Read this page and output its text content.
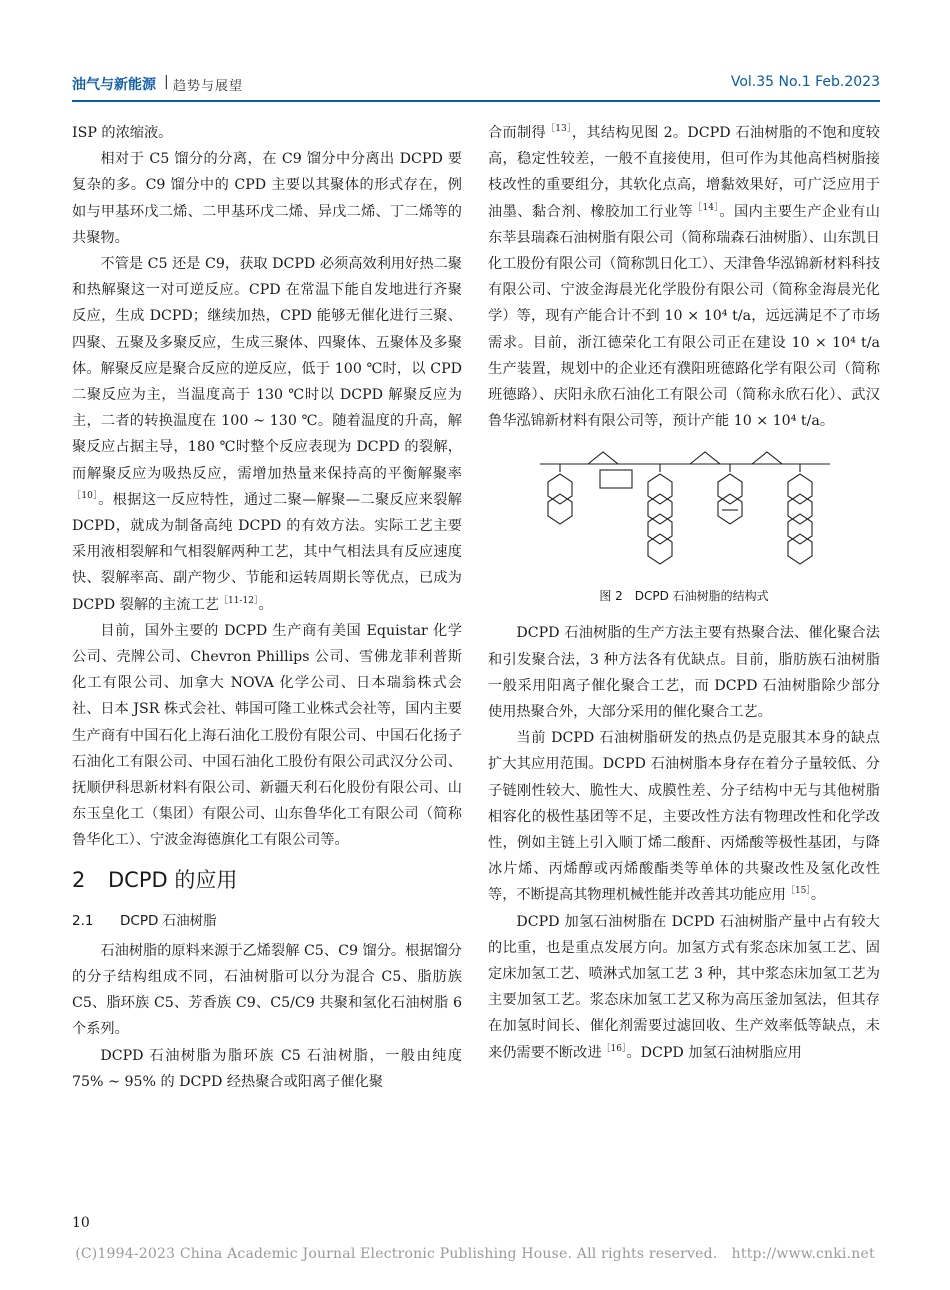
油气与新能源 | 趋势与展望	Vol.35 No.1 Feb.2023

ISP 的浓缩液。

相对于 C5 馏分的分离，在 C9 馏分中分离出 DCPD 要复杂的多。C9 馏分中的 CPD 主要以其聚体的形式存在，例如与甲基环戊二烯、二甲基环戊二烯、异戊二烯、丁二烯等的共聚物。

不管是 C5 还是 C9，获取 DCPD 必须高效利用好热二聚和热解聚这一对可逆反应。CPD 在常温下能自发地进行齐聚反应，生成 DCPD；继续加热，CPD 能够无催化进行三聚、四聚、五聚及多聚反应，生成三聚体、四聚体、五聚体及多聚体。解聚反应是聚合反应的逆反应，低于 100 ℃时，以 CPD 二聚反应为主，当温度高于 130 ℃时以 DCPD 解聚反应为主，二者的转换温度在 100 ~ 130 ℃。随着温度的升高，解聚反应占据主导，180 ℃时整个反应表现为 DCPD 的裂解，而解聚反应为吸热反应，需增加热量来保持高的平衡解聚率$^{[10]}$。根据这一反应特性，通过二聚—解聚—二聚反应来裂解 DCPD，就成为制备高纯 DCPD 的有效方法。实际工艺主要采用液相裂解和气相裂解两种工艺，其中气相法具有反应速度快、裂解率高、副产物少、节能和运转周期长等优点，已成为 DCPD 裂解的主流工艺$^{[11-12]}$。

目前，国外主要的 DCPD 生产商有美国 Equistar 化学公司、壳牌公司、Chevron Phillips 公司、雪佛龙菲利普斯化工有限公司、加拿大 NOVA 化学公司、日本瑞翁株式会社、日本 JSR 株式会社、韩国可隆工业株式会社等，国内主要生产商有中国石化上海石油化工股份有限公司、中国石化扬子石油化工有限公司、中国石油化工股份有限公司武汉分公司、抚顺伊科思新材料有限公司、新疆天利石化股份有限公司、山东玉皇化工（集团）有限公司、山东鲁华化工有限公司（简称鲁华化工）、宁波金海德旗化工有限公司等。

2 DCPD 的应用
2.1 DCPD 石油树脂

石油树脂的原料来源于乙烯裂解 C5、C9 馏分。根据馏分的分子结构组成不同，石油树脂可以分为混合 C5、脂肪族 C5、脂环族 C5、芳香族 C9、C5/C9 共聚和氢化石油树脂 6 个系列。

DCPD 石油树脂为脂环族 C5 石油树脂，一般由纯度 75% ~ 95% 的 DCPD 经热聚合或阳离子催化聚

合而制得$^{[13]}$，其结构见图 2。DCPD 石油树脂的不饱和度较高，稳定性较差，一般不直接使用，但可作为其他高档树脂接枝改性的重要组分，其软化点高，增黏效果好，可广泛应用于油墨、黏合剂、橡胶加工行业等$^{[14]}$。国内主要生产企业有山东莘县瑞森石油树脂有限公司（简称瑞森石油树脂）、山东凯日化工股份有限公司（简称凯日化工）、天津鲁华泓锦新材料科技有限公司、宁波金海晨光化学股份有限公司（简称金海晨光化学）等，现有产能合计不到 10 × 10⁴ t/a，远远满足不了市场需求。目前，浙江德荣化工有限公司正在建设 10 × 10⁴ t/a 生产装置，规划中的企业还有濮阳班德路化学有限公司（简称班德路）、庆阳永欣石油化工有限公司（简称永欣石化）、武汉鲁华泓锦新材料有限公司等，预计产能 10 × 10⁴ t/a。

图 2　DCPD 石油树脂的结构式

DCPD 石油树脂的生产方法主要有热聚合法、催化聚合法和引发聚合法，3 种方法各有优缺点。目前，脂肪族石油树脂一般采用阳离子催化聚合工艺，而 DCPD 石油树脂除少部分使用热聚合外，大部分采用的催化聚合工艺。

当前 DCPD 石油树脂研发的热点仍是克服其本身的缺点扩大其应用范围。DCPD 石油树脂本身存在着分子量较低、分子链刚性较大、脆性大、成膜性差、分子结构中无与其他树脂相容化的极性基团等不足，主要改性方法有物理改性和化学改性，例如主链上引入顺丁烯二酸酐、丙烯酸等极性基团，与降冰片烯、丙烯醇或丙烯酸酯类等单体的共聚改性及氢化改性等，不断提高其物理机械性能并改善其功能应用$^{[15]}$。

DCPD 加氢石油树脂在 DCPD 石油树脂产量中占有较大的比重，也是重点发展方向。加氢方式有浆态床加氢工艺、固定床加氢工艺、喷淋式加氢工艺 3 种，其中浆态床加氢工艺为主要加氢工艺。浆态床加氢工艺又称为高压釜加氢法，但其存在加氢时间长、催化剂需要过滤回收、生产效率低等缺点，未来仍需要不断改进$^{[16]}$。DCPD 加氢石油树脂应用

10
(C)1994-2023 China Academic Journal Electronic Publishing House. All rights reserved.　http://www.cnki.net
